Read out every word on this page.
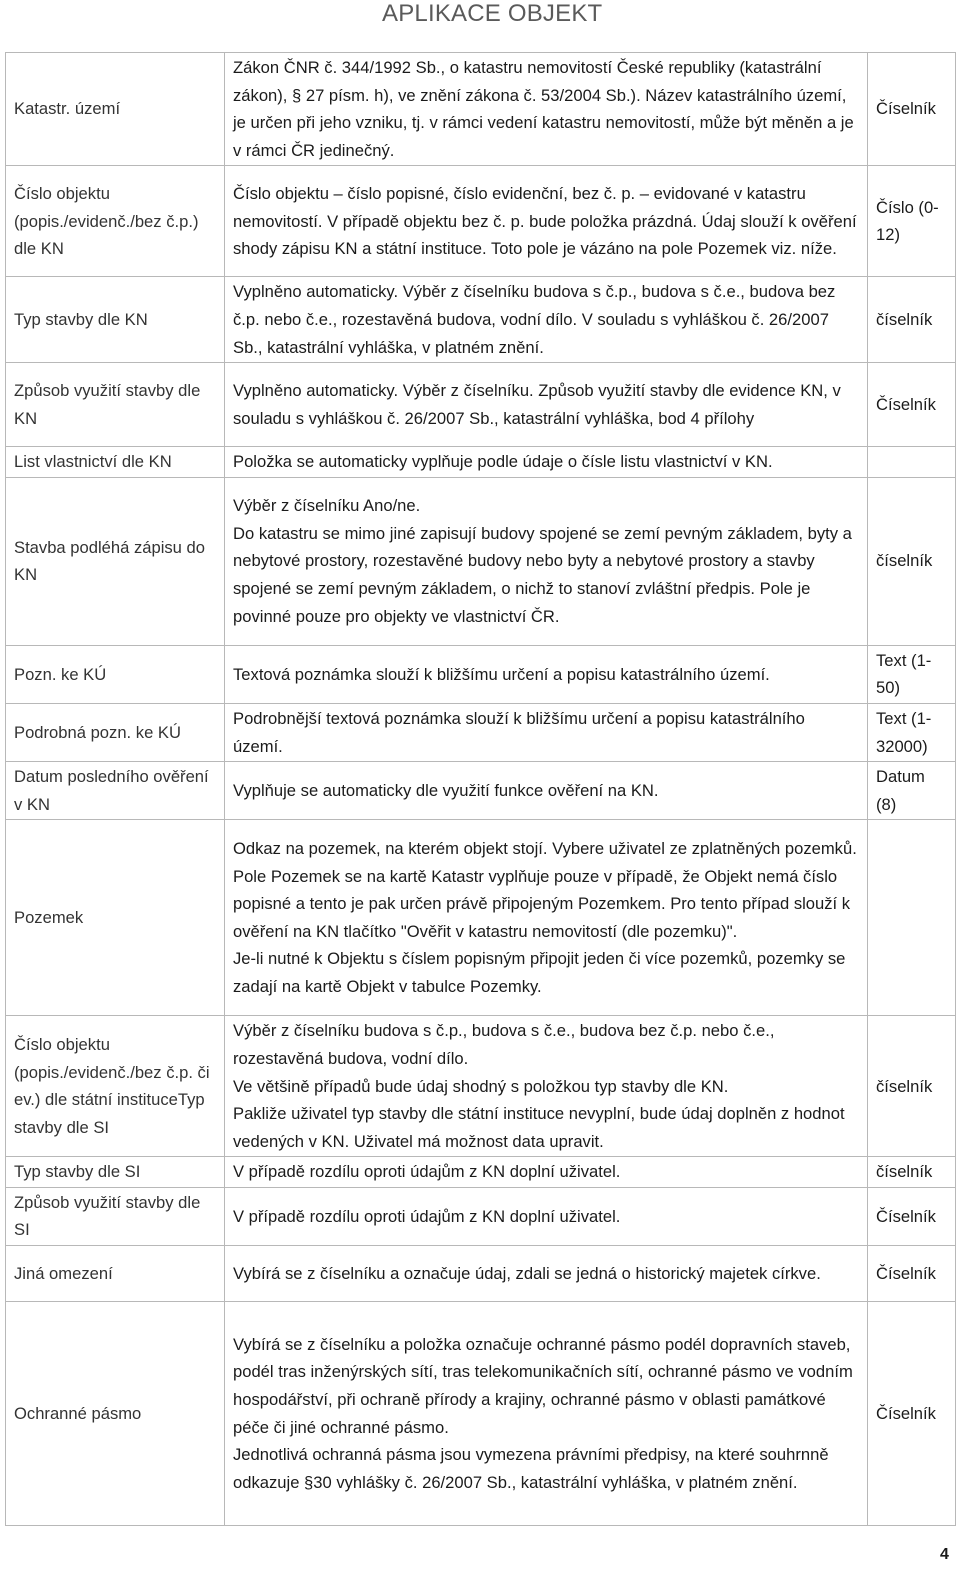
APLIKACE OBJEKT
Katastr. území	Zákon ČNR č. 344/1992 Sb., o katastru nemovitostí České republiky (katastrální zákon), § 27 písm. h), ve znění zákona č. 53/2004 Sb.). Název katastrálního území, je určen při jeho vzniku, tj. v rámci vedení katastru nemovitostí, může být měněn a je v rámci ČR jedinečný.	Číselník
Číslo objektu (popis./evidenč./bez č.p.) dle KN	Číslo objektu – číslo popisné, číslo evidenční, bez č. p. – evidované v katastru nemovitostí. V případě objektu bez č. p. bude položka prázdná. Údaj slouží k ověření shody zápisu KN a státní instituce. Toto pole je vázáno na pole Pozemek viz. níže.	Číslo (0-12)
Typ stavby dle KN	Vyplněno automaticky. Výběr z číselníku budova s č.p., budova s č.e., budova bez č.p. nebo č.e., rozestavěná budova, vodní dílo. V souladu s vyhláškou č. 26/2007 Sb., katastrální vyhláška, v platném znění.	číselník
Způsob využití stavby dle KN	Vyplněno automaticky. Výběr z číselníku. Způsob využití stavby dle evidence KN, v souladu s vyhláškou č. 26/2007 Sb., katastrální vyhláška, bod 4 přílohy	Číselník
List vlastnictví dle KN	Položka se automaticky vyplňuje podle údaje o čísle listu vlastnictví v KN.	

Stavba podléhá zápisu do KN	Výběr z číselníku Ano/ne.
Do katastru se mimo jiné zapisují budovy spojené se zemí pevným základem, byty a nebytové prostory, rozestavěné budovy nebo byty a nebytové prostory a stavby spojené se zemí pevným základem, o nichž to stanoví zvláštní předpis. Pole je povinné pouze pro objekty ve vlastnictví ČR.	číselník
Pozn. ke KÚ	Textová poznámka slouží k bližšímu určení a popisu katastrálního území.	Text (1-50)
Podrobná pozn. ke KÚ	Podrobnější textová poznámka slouží k bližšímu určení a popisu katastrálního území.	Text (1-32000)
Datum posledního ověření v KN	Vyplňuje se automaticky dle využití funkce ověření na KN.	Datum (8)
Pozemek	Odkaz na pozemek, na kterém objekt stojí. Vybere uživatel ze zplatněných pozemků. Pole Pozemek se na kartě Katastr vyplňuje pouze v případě, že Objekt nemá číslo popisné a tento je pak určen právě připojeným Pozemkem. Pro tento případ slouží k ověření na KN tlačítko "Ověřit v katastru nemovitostí (dle pozemku)".
Je-li nutné k Objektu s číslem popisným připojit jeden či více pozemků, pozemky se zadají na kartě Objekt v tabulce Pozemky.	

Číslo objektu (popis./evidenč./bez č.p. či ev.) dle státní instituceTyp stavby dle SI	Výběr z číselníku budova s č.p., budova s č.e., budova bez č.p. nebo č.e., rozestavěná budova, vodní dílo.
Ve většině případů bude údaj shodný s položkou typ stavby dle KN.
Pakliže uživatel typ stavby dle státní instituce nevyplní, bude údaj doplněn z hodnot vedených v KN. Uživatel má možnost data upravit.	číselník
Typ stavby dle SI	V případě rozdílu oproti údajům z KN doplní uživatel.	číselník
Způsob využití stavby dle SI	V případě rozdílu oproti údajům z KN doplní uživatel.	Číselník
Jiná omezení	Vybírá se z číselníku a označuje údaj, zdali se jedná o historický majetek církve.	Číselník
Ochranné pásmo	Vybírá se z číselníku a položka označuje ochranné pásmo podél dopravních staveb, podél tras inženýrských sítí, tras telekomunikačních sítí, ochranné pásmo ve vodním hospodářství, při ochraně přírody a krajiny, ochranné pásmo v oblasti památkové péče či jiné ochranné pásmo.
Jednotlivá ochranná pásma jsou vymezena právními předpisy, na které souhrnně odkazuje §30 vyhlášky č. 26/2007 Sb., katastrální vyhláška, v platném znění.	Číselník
4
